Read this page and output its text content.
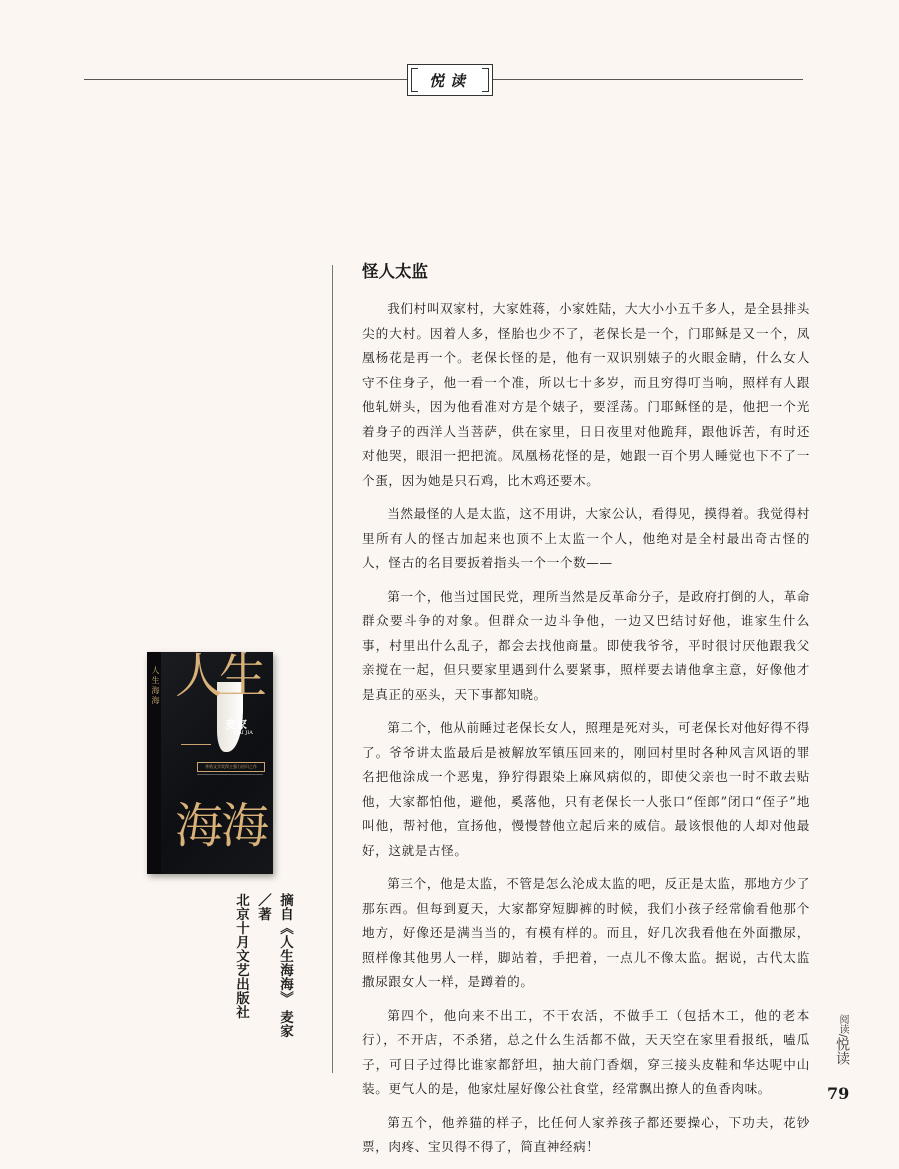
悦读
怪人太监

我们村叫双家村，大家姓蒋，小家姓陆，大大小小五千多人，是全县排头尖的大村。因着人多，怪胎也少不了，老保长是一个，门耶稣是又一个，凤凰杨花是再一个。老保长怪的是，他有一双识别婊子的火眼金睛，什么女人守不住身子，他一看一个准，所以七十多岁，而且穷得叮当响，照样有人跟他轧姘头，因为他看准对方是个婊子，要淫荡。门耶稣怪的是，他把一个光着身子的西洋人当菩萨，供在家里，日日夜里对他跪拜，跟他诉苦，有时还对他哭，眼泪一把把流。凤凰杨花怪的是，她跟一百个男人睡觉也下不了一个蛋，因为她是只石鸡，比木鸡还要木。

当然最怪的人是太监，这不用讲，大家公认，看得见，摸得着。我觉得村里所有人的怪古加起来也顶不上太监一个人，他绝对是全村最出奇古怪的人，怪古的名目要扳着指头一个一个数——

第一个，他当过国民党，理所当然是反革命分子，是政府打倒的人，革命群众要斗争的对象。但群众一边斗争他，一边又巴结讨好他，谁家生什么事，村里出什么乱子，都会去找他商量。即使我爷爷，平时很讨厌他跟我父亲搅在一起，但只要家里遇到什么要紧事，照样要去请他拿主意，好像他才是真正的巫头，天下事都知晓。

第二个，他从前睡过老保长女人，照理是死对头，可老保长对他好得不得了。爷爷讲太监最后是被解放军镇压回来的，刚回村里时各种风言风语的罪名把他涂成一个恶鬼，狰狞得跟染上麻风病似的，即使父亲也一时不敢去贴他，大家都怕他，避他，奚落他，只有老保长一人张口“侄郎”闭口“侄子”地叫他，帮衬他，宣扬他，慢慢替他立起后来的威信。最该恨他的人却对他最好，这就是古怪。

第三个，他是太监，不管是怎么沦成太监的吧，反正是太监，那地方少了那东西。但每到夏天，大家都穿短脚裤的时候，我们小孩子经常偷看他那个地方，好像还是满当当的，有模有样的。而且，好几次我看他在外面撒尿，照样像其他男人一样，脚站着，手把着，一点儿不像太监。据说，古代太监撒尿跟女人一样，是蹲着的。

第四个，他向来不出工，不干农活，不做手工（包括木工，他的老本行），不开店，不杀猪，总之什么生活都不做，天天空在家里看报纸，嗑瓜子，可日子过得比谁家都舒坦，抽大前门香烟，穿三接头皮鞋和华达呢中山装。更气人的是，他家灶屋好像公社食堂，经常飘出撩人的鱼香肉味。

第五个，他养猫的样子，比任何人家养孩子都还要操心，下功夫，花钞票，肉疼、宝贝得不得了，简直神经病！

人生海海 人
生
麦家
MAI JIA
茅盾文学奖得主强力回归之作
海
海
摘自《人生海海》 麦家／著
北京十月文艺出版社
阅读/悦读
79
